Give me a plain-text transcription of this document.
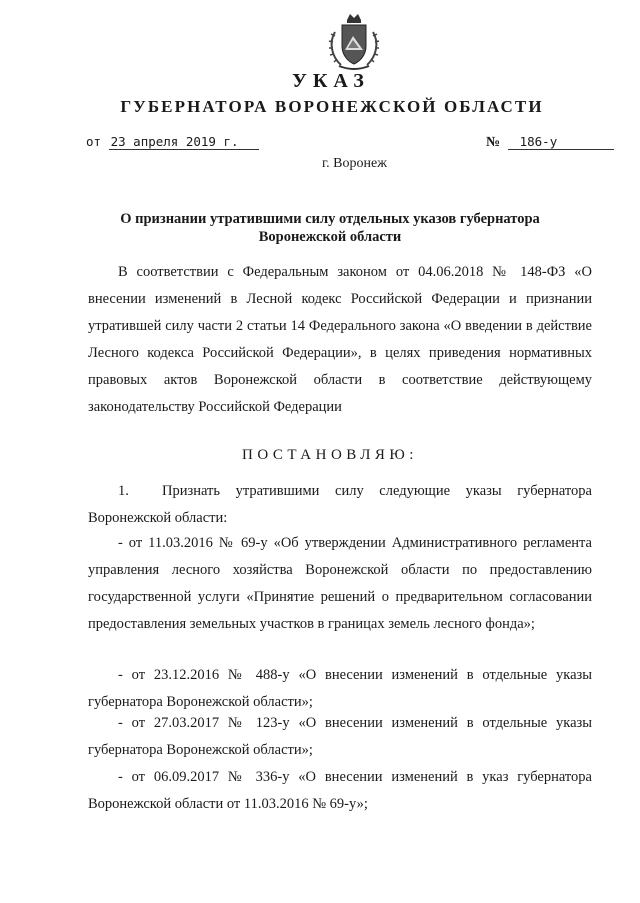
УКАЗ
ГУБЕРНАТОРА ВОРОНЕЖСКОЙ ОБЛАСТИ
от 23 апреля 2019 г.	№ 186-у
г. Воронеж
О признании утратившими силу отдельных указов губернатора Воронежской области
В соответствии с Федеральным законом от 04.06.2018 № 148-ФЗ «О внесении изменений в Лесной кодекс Российской Федерации и признании утратившей силу части 2 статьи 14 Федерального закона «О введении в действие Лесного кодекса Российской Федерации», в целях приведения нормативных правовых актов Воронежской области в соответствие действующему законодательству Российской Федерации
ПОСТАНОВЛЯЮ:
1. Признать утратившими силу следующие указы губернатора Воронежской области:
- от 11.03.2016 № 69-у «Об утверждении Административного регламента управления лесного хозяйства Воронежской области по предоставлению государственной услуги «Принятие решений о предварительном согласовании предоставления земельных участков в границах земель лесного фонда»;
- от 23.12.2016 № 488-у «О внесении изменений в отдельные указы губернатора Воронежской области»;
- от 27.03.2017 № 123-у «О внесении изменений в отдельные указы губернатора Воронежской области»;
- от 06.09.2017 № 336-у «О внесении изменений в указ губернатора Воронежской области от 11.03.2016 № 69-у»;
